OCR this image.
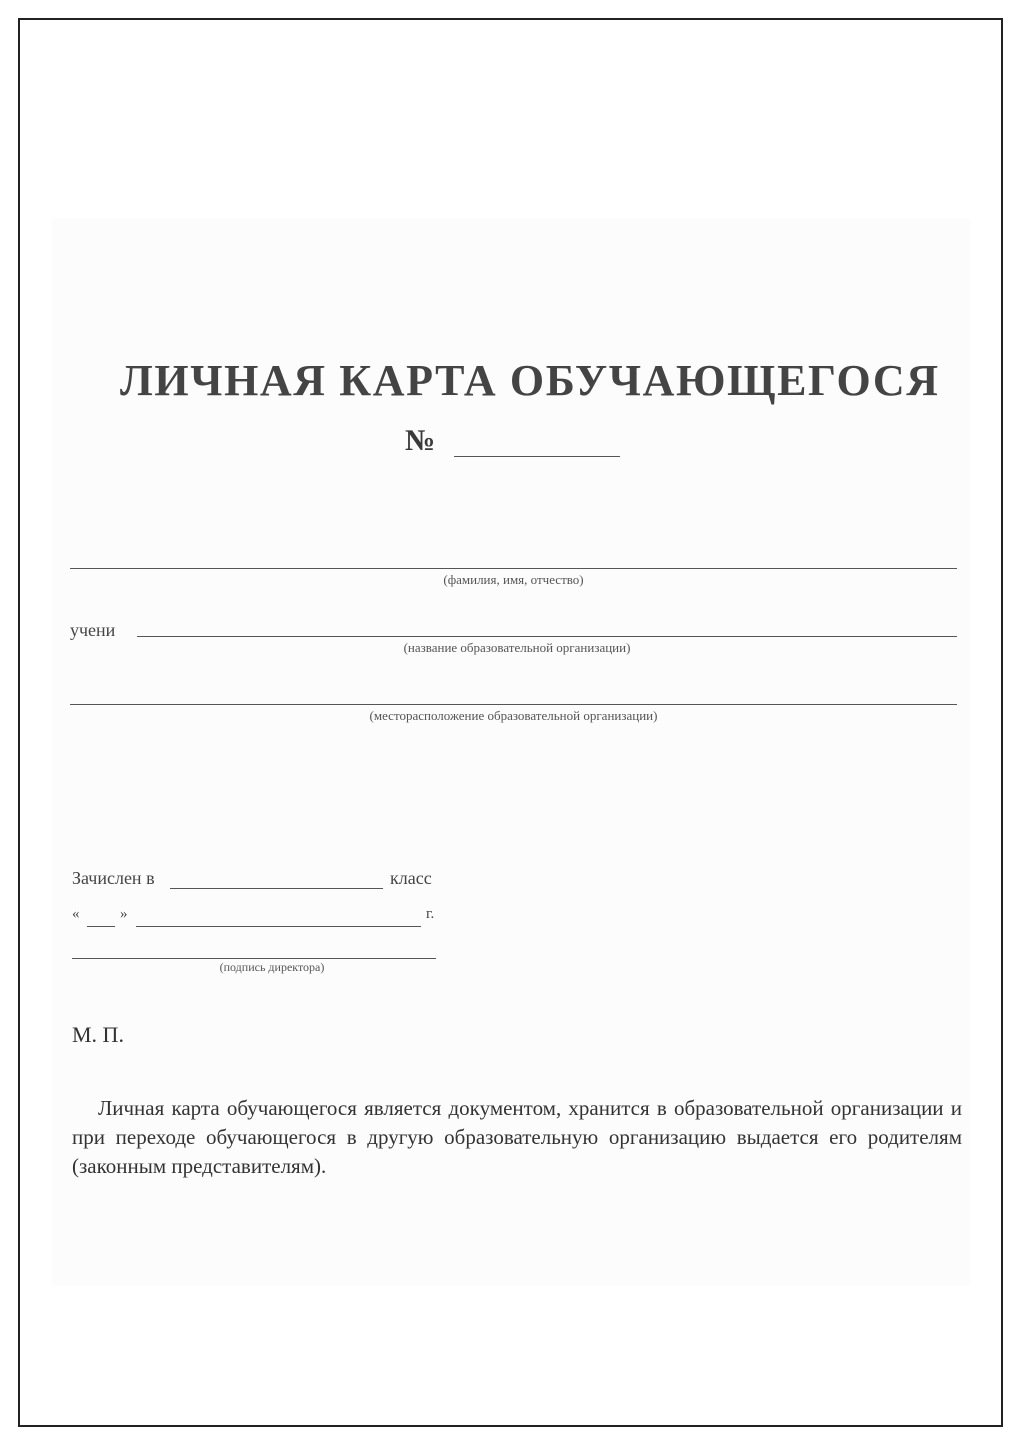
ЛИЧНАЯ КАРТА ОБУЧАЮЩЕГОСЯ
№
(фамилия, имя, отчество)
учени
(название образовательной организации)
(месторасположение образовательной организации)
Зачислен в	класс
«	»	г.
(подпись директора)
М. П.
Личная карта обучающегося является документом, хранится в образовательной организации и при переходе обучающегося в другую образовательную организацию выдается его родителям (законным представителям).
